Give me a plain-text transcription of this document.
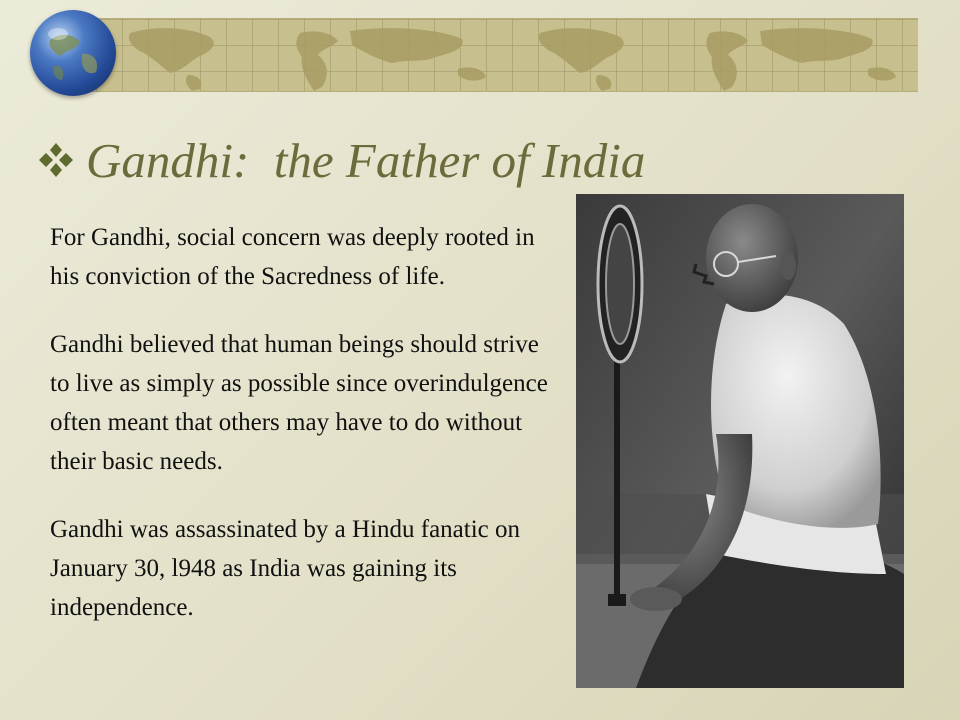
Gandhi:  the Father of India

For Gandhi, social concern was deeply rooted in his conviction of the Sacredness of life.

Gandhi believed that human beings should strive to live as simply as possible since overindulgence often meant that others may have to do without their basic needs.

Gandhi was assassinated by a Hindu fanatic on January 30, l948 as India was gaining its independence.
